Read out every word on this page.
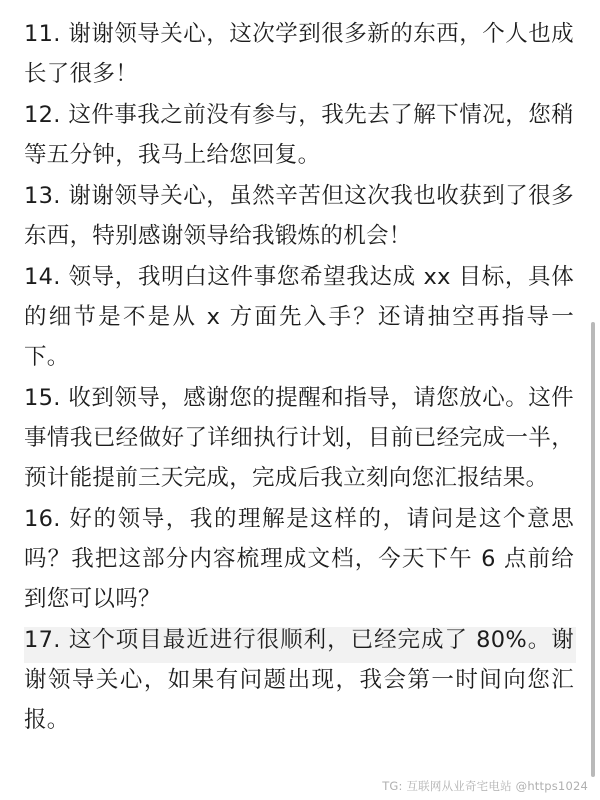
11. 谢谢领导关心，这次学到很多新的东西，个人也成长了很多！

12. 这件事我之前没有参与，我先去了解下情况，您稍等五分钟，我马上给您回复。

13. 谢谢领导关心，虽然辛苦但这次我也收获到了很多东西，特别感谢领导给我锻炼的机会！

14. 领导，我明白这件事您希望我达成 xx 目标，具体的细节是不是从 x 方面先入手？还请抽空再指导一下。

15. 收到领导，感谢您的提醒和指导，请您放心。这件事情我已经做好了详细执行计划，目前已经完成一半，预计能提前三天完成，完成后我立刻向您汇报结果。

16. 好的领导，我的理解是这样的，请问是这个意思吗？我把这部分内容梳理成文档，今天下午 6 点前给到您可以吗？

17. 这个项目最近进行很顺利，已经完成了 80%。谢谢领导关心，如果有问题出现，我会第一时间向您汇报。

TG: 互联网从业奇宅电站 @https1024
